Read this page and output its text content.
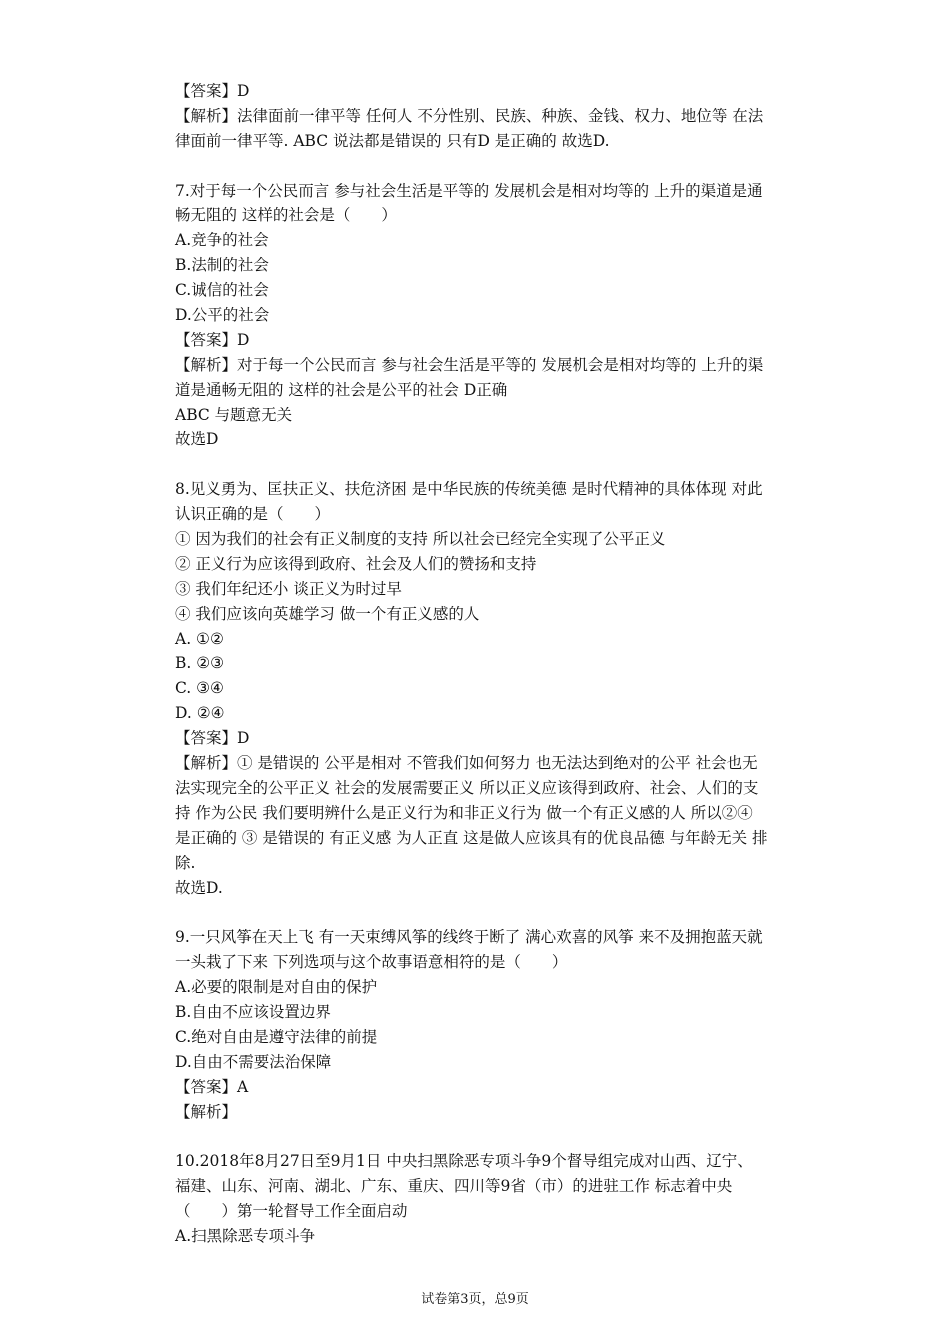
【答案】D
【解析】法律面前一律平等 任何人 不分性别、民族、种族、金钱、权力、地位等 在法
律面前一律平等. ABC 说法都是错误的 只有D 是正确的 故选D.
7.对于每一个公民而言 参与社会生活是平等的 发展机会是相对均等的 上升的渠道是通
畅无阻的 这样的社会是（　　）
A.竞争的社会
B.法制的社会
C.诚信的社会
D.公平的社会
【答案】D
【解析】对于每一个公民而言 参与社会生活是平等的 发展机会是相对均等的 上升的渠
道是通畅无阻的 这样的社会是公平的社会 D正确
ABC 与题意无关
故选D
8.见义勇为、匡扶正义、扶危济困 是中华民族的传统美德 是时代精神的具体体现 对此
认识正确的是（　　）
① 因为我们的社会有正义制度的支持 所以社会已经完全实现了公平正义
② 正义行为应该得到政府、社会及人们的赞扬和支持
③ 我们年纪还小 谈正义为时过早
④ 我们应该向英雄学习 做一个有正义感的人
A. ①②
B. ②③
C. ③④
D. ②④
【答案】D
【解析】① 是错误的 公平是相对 不管我们如何努力 也无法达到绝对的公平 社会也无
法实现完全的公平正义 社会的发展需要正义 所以正义应该得到政府、社会、人们的支
持 作为公民 我们要明辨什么是正义行为和非正义行为 做一个有正义感的人 所以②④
是正确的 ③ 是错误的 有正义感 为人正直 这是做人应该具有的优良品德 与年龄无关 排
除.
故选D.
9.一只风筝在天上飞 有一天束缚风筝的线终于断了 满心欢喜的风筝 来不及拥抱蓝天就
一头栽了下来 下列选项与这个故事语意相符的是（　　）
A.必要的限制是对自由的保护
B.自由不应该设置边界
C.绝对自由是遵守法律的前提
D.自由不需要法治保障
【答案】A
【解析】
10.2018年8月27日至9月1日 中央扫黑除恶专项斗争9个督导组完成对山西、辽宁、
福建、山东、河南、湖北、广东、重庆、四川等9省（市）的进驻工作 标志着中央
（　　）第一轮督导工作全面启动
A.扫黑除恶专项斗争
试卷第3页，总9页
